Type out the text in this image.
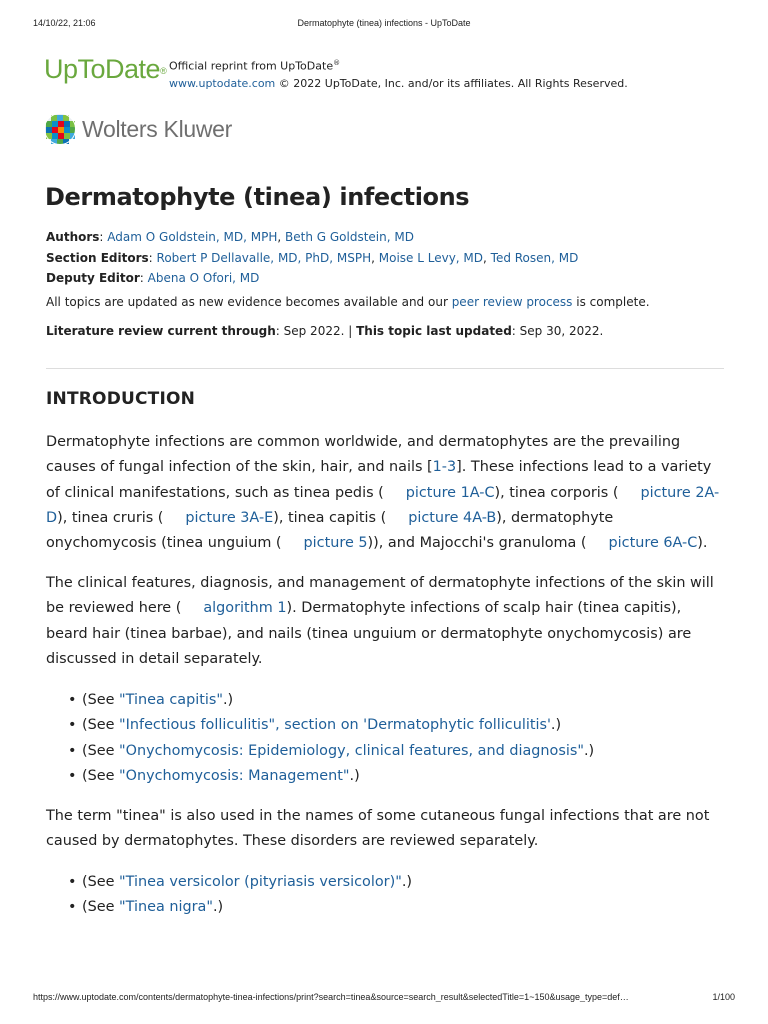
14/10/22, 21:06	Dermatophyte (tinea) infections - UpToDate
UpToDate® Official reprint from UpToDate®
www.uptodate.com © 2022 UpToDate, Inc. and/or its affiliates. All Rights Reserved.
Wolters Kluwer
Dermatophyte (tinea) infections
Authors: Adam O Goldstein, MD, MPH, Beth G Goldstein, MD
Section Editors: Robert P Dellavalle, MD, PhD, MSPH, Moise L Levy, MD, Ted Rosen, MD
Deputy Editor: Abena O Ofori, MD
All topics are updated as new evidence becomes available and our peer review process is complete.
Literature review current through: Sep 2022. | This topic last updated: Sep 30, 2022.
INTRODUCTION

Dermatophyte infections are common worldwide, and dermatophytes are the prevailing causes of fungal infection of the skin, hair, and nails [1-3]. These infections lead to a variety of clinical manifestations, such as tinea pedis ( picture 1A-C), tinea corporis ( picture 2A-D), tinea cruris ( picture 3A-E), tinea capitis ( picture 4A-B), dermatophyte onychomycosis (tinea unguium ( picture 5)), and Majocchi's granuloma ( picture 6A-C).

The clinical features, diagnosis, and management of dermatophyte infections of the skin will be reviewed here ( algorithm 1). Dermatophyte infections of scalp hair (tinea capitis), beard hair (tinea barbae), and nails (tinea unguium or dermatophyte onychomycosis) are discussed in detail separately.

• (See "Tinea capitis".)
• (See "Infectious folliculitis", section on 'Dermatophytic folliculitis'.)
• (See "Onychomycosis: Epidemiology, clinical features, and diagnosis".)
• (See "Onychomycosis: Management".)

The term "tinea" is also used in the names of some cutaneous fungal infections that are not caused by dermatophytes. These disorders are reviewed separately.

• (See "Tinea versicolor (pityriasis versicolor)".)
• (See "Tinea nigra".)
https://www.uptodate.com/contents/dermatophyte-tinea-infections/print?search=tinea&source=search_result&selectedTitle=1~150&usage_type=def…	1/100
